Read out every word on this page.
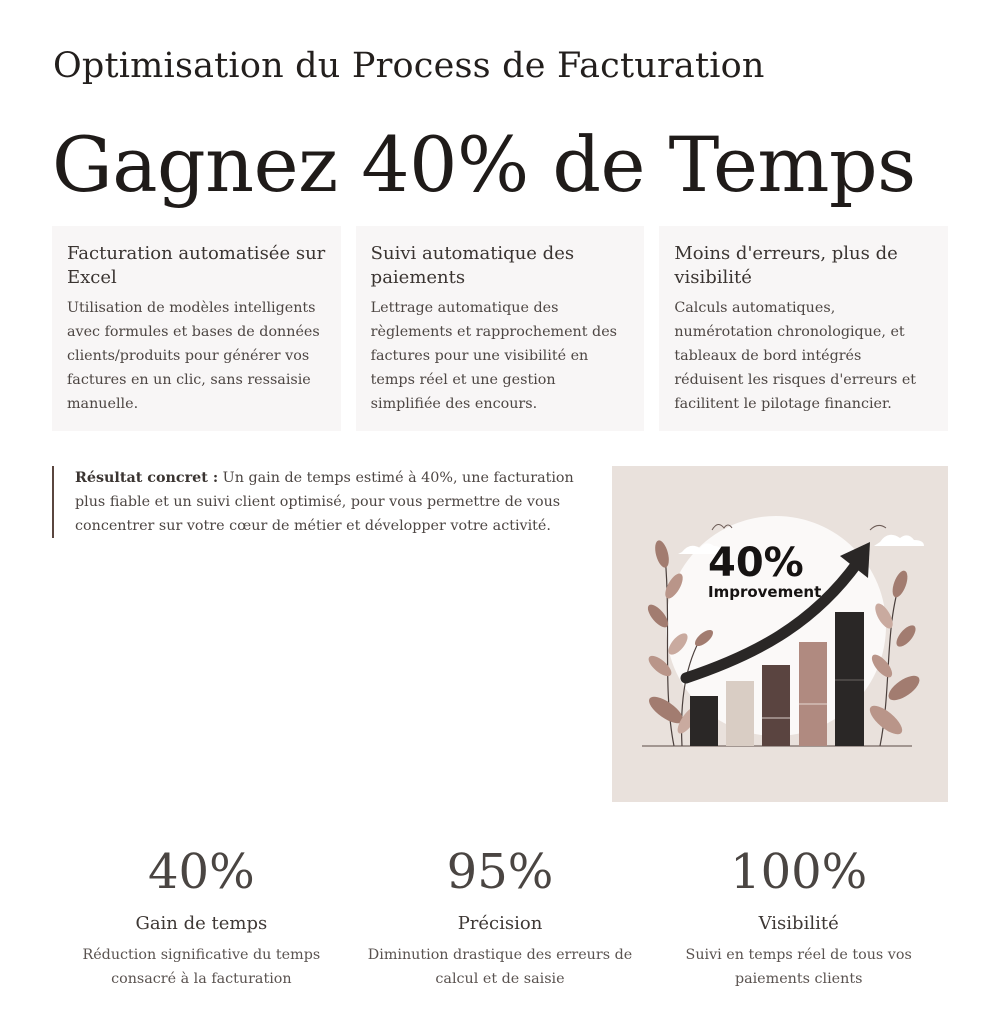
Optimisation du Process de Facturation
Gagnez 40% de Temps
Facturation automatisée sur Excel

Utilisation de modèles intelligents avec formules et bases de données clients/produits pour générer vos factures en un clic, sans ressaisie manuelle.

Suivi automatique des paiements

Lettrage automatique des règlements et rapprochement des factures pour une visibilité en temps réel et une gestion simplifiée des encours.

Moins d'erreurs, plus de visibilité

Calculs automatiques, numérotation chronologique, et tableaux de bord intégrés réduisent les risques d'erreurs et facilitent le pilotage financier.

Résultat concret : Un gain de temps estimé à 40%, une facturation plus fiable et un suivi client optimisé, pour vous permettre de vous concentrer sur votre cœur de métier et développer votre activité.
40%
Improvement
40%
Gain de temps
Réduction significative du temps consacré à la facturation
95%
Précision
Diminution drastique des erreurs de calcul et de saisie
100%
Visibilité
Suivi en temps réel de tous vos paiements clients
